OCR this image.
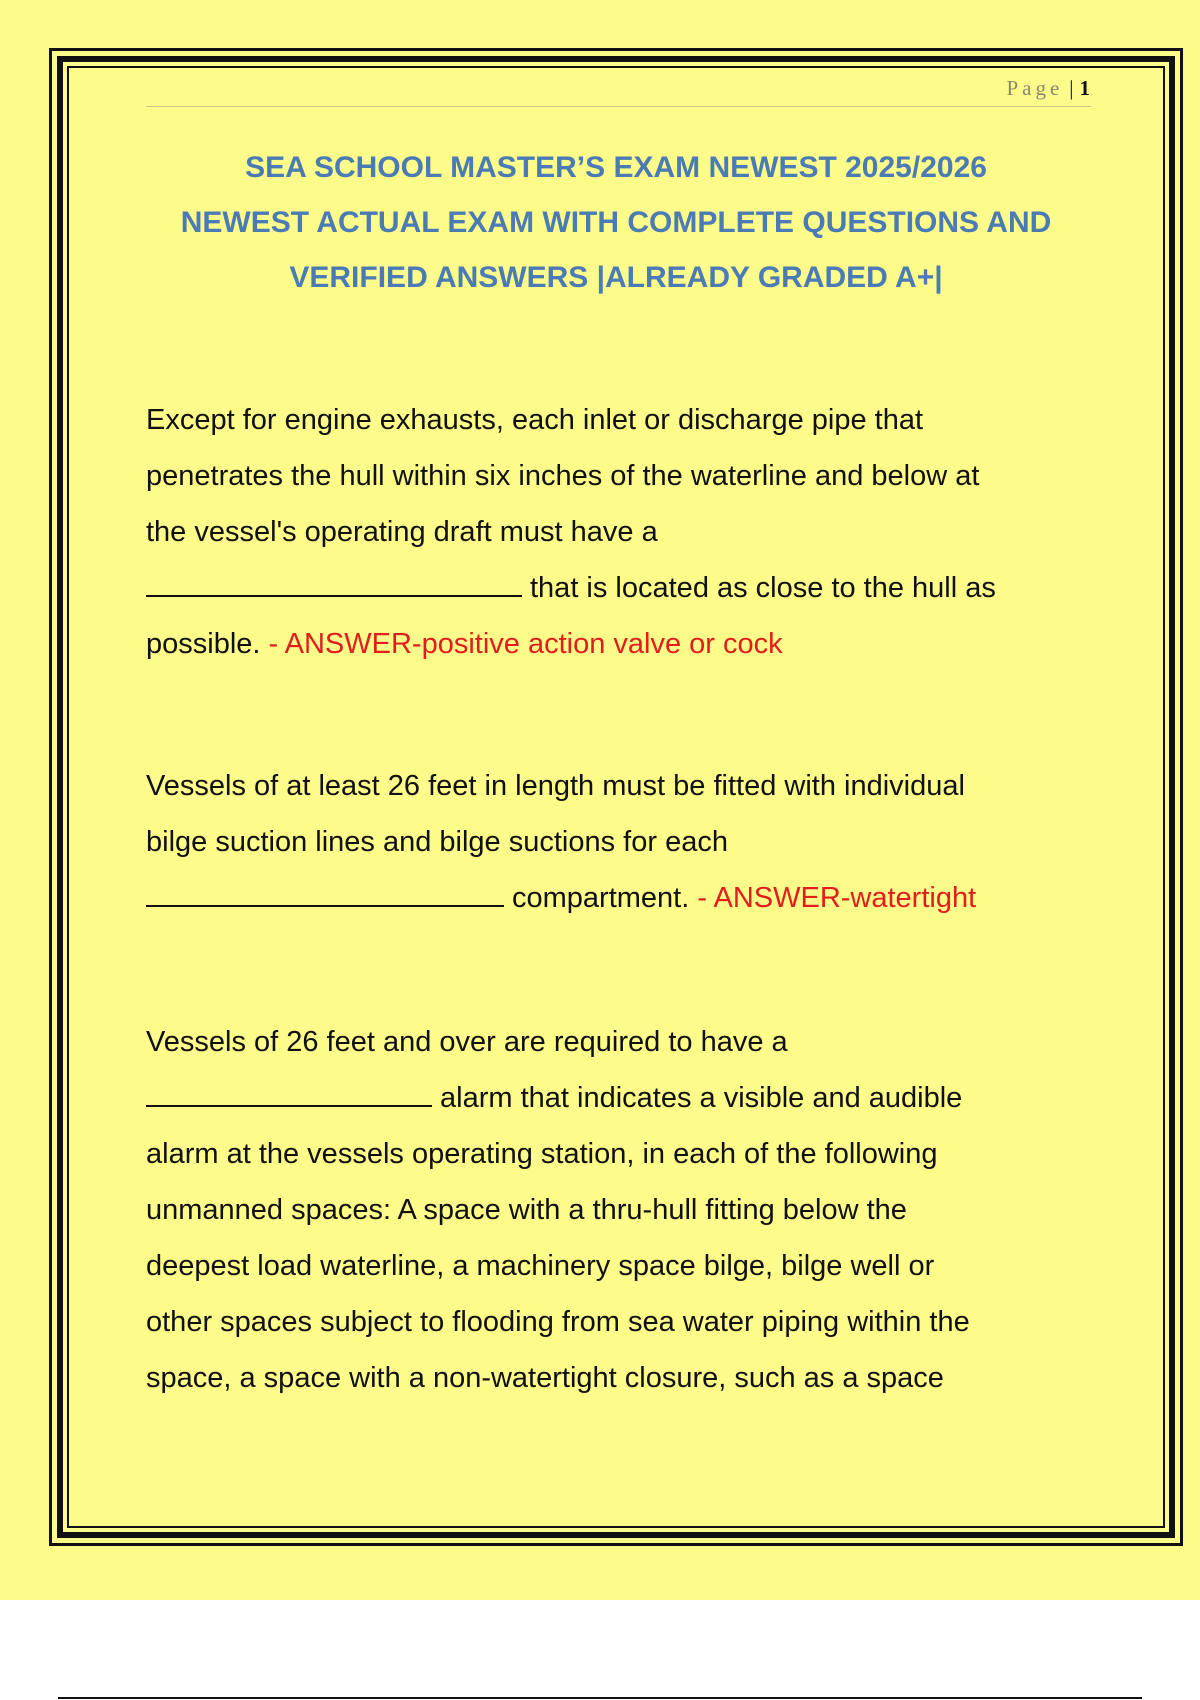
Page | 1
SEA SCHOOL MASTER’S EXAM NEWEST 2025/2026
NEWEST ACTUAL EXAM WITH COMPLETE QUESTIONS AND
VERIFIED ANSWERS |ALREADY GRADED A+|
Except for engine exhausts, each inlet or discharge pipe that
penetrates the hull within six inches of the waterline and below at
the vessel's operating draft must have a
that is located as close to the hull as
possible. - ANSWER-positive action valve or cock
Vessels of at least 26 feet in length must be fitted with individual
bilge suction lines and bilge suctions for each
compartment. - ANSWER-watertight
Vessels of 26 feet and over are required to have a
alarm that indicates a visible and audible
alarm at the vessels operating station, in each of the following
unmanned spaces: A space with a thru-hull fitting below the
deepest load waterline, a machinery space bilge, bilge well or
other spaces subject to flooding from sea water piping within the
space, a space with a non-watertight closure, such as a space
